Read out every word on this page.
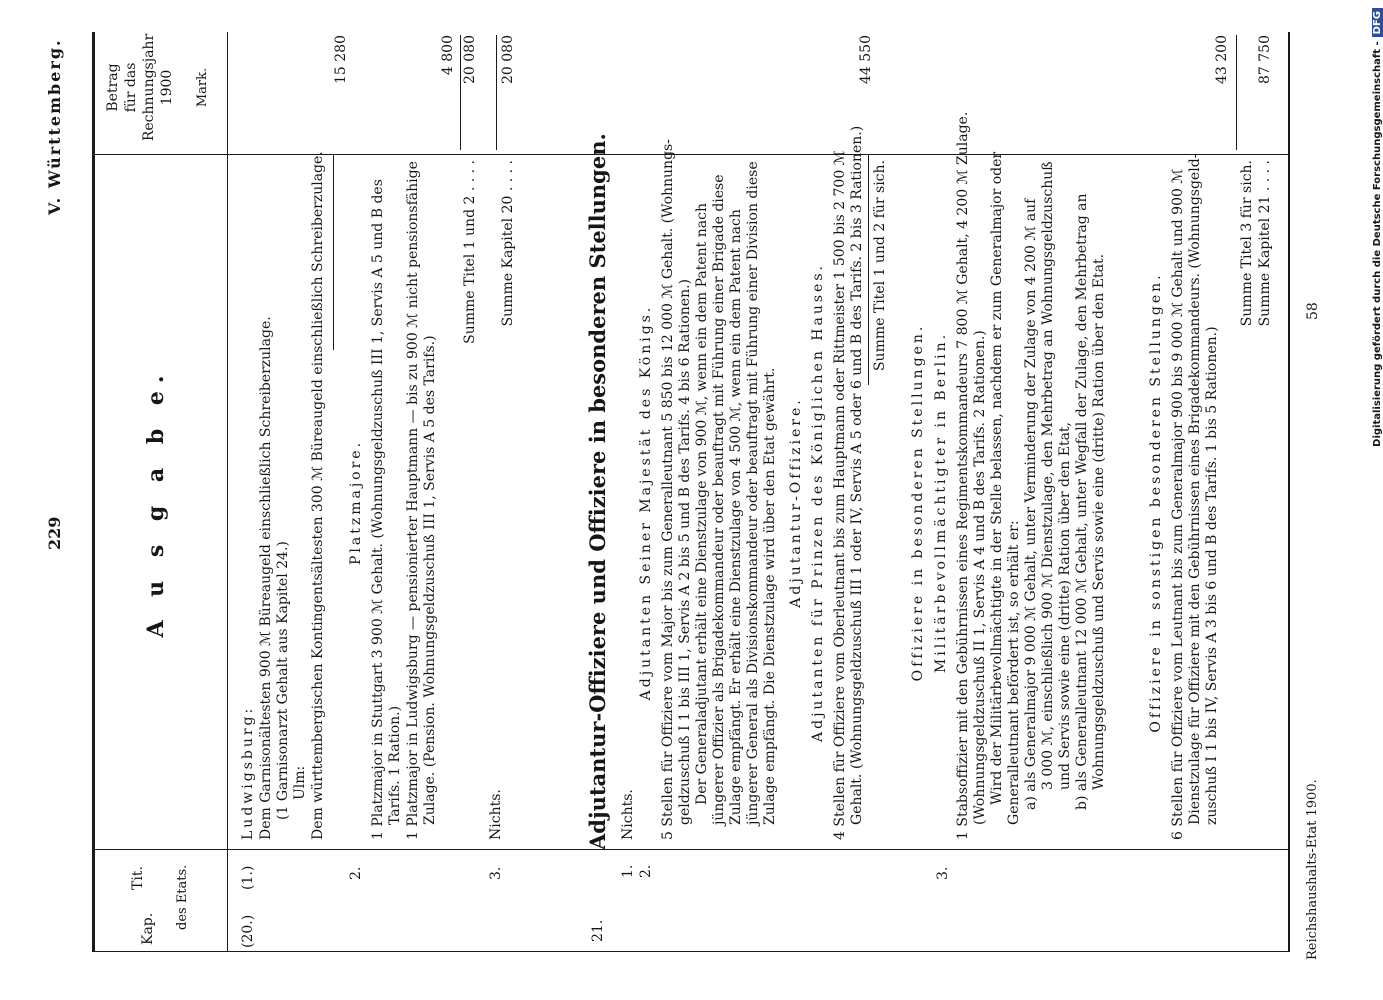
229
V. Württemberg.
Kap.
Tit. des Etats.
Betrag für das Rechnungsjahr 1900 Mark.
A u s g a b e.
(20.)
(1.)
Ludwigsburg: Dem Garnisonältesten 900 ℳ Büreaugeld einschließlich Schreiberzulage. (1 Garnisonarzt Gehalt aus Kapitel 24.) Ulm: Dem württembergischen Kontingentsältesten 300 ℳ Büreaugeld einschließlich Schreiberzulage.
15 280
2.
Platzmajore. 1 Platzmajor in Stuttgart 3 900 ℳ Gehalt. (Wohnungsgeldzuschuß III 1, Servis A 5 und B des Tarifs. 1 Ration.) 1 Platzmajor in Ludwigsburg — pensionierter Hauptmann — bis zu 900 ℳ nicht pensionsfähige Zulage. (Pension. Wohnungsgeldzuschuß III 1, Servis A 5 des Tarifs.)
4 800
Summe Titel 1 und 2 . . . .
20 080
3.
Nichts.
Summe Kapitel 20 . . . .
20 080
21.
Adjutantur-Offiziere und Offiziere in besonderen Stellungen.
1. 2.
Nichts.
Adjutanten Seiner Majestät des Königs. 5 Stellen für Offiziere vom Major bis zum Generalleutnant 5 850 bis 12 000 ℳ Gehalt. (Wohnungs- geldzuschuß I 1 bis III 1, Servis A 2 bis 5 und B des Tarifs. 4 bis 6 Rationen.) Der Generaladjutant erhält eine Dienstzulage von 900 ℳ, wenn ein dem Patent nach jüngerer Offizier als Brigadekommandeur oder beauftragt mit Führung einer Brigade diese Zulage empfängt. Er erhält eine Dienstzulage von 4 500 ℳ, wenn ein dem Patent nach jüngerer General als Divisionskommandeur oder beauftragt mit Führung einer Division diese Zulage empfängt. Die Dienstzulage wird über den Etat gewährt. Adjutantur-Offiziere. Adjutanten für Prinzen des Königlichen Hauses. 4 Stellen für Offiziere vom Oberleutnant bis zum Hauptmann oder Rittmeister 1 500 bis 2 700 ℳ Gehalt. (Wohnungsgeldzuschuß III 1 oder IV, Servis A 5 oder 6 und B des Tarifs. 2 bis 3 Rationen.)
44 550
Summe Titel 1 und 2 für sich.
3.
Offiziere in besonderen Stellungen. Militärbevollmächtigter in Berlin. 1 Stabsoffizier mit den Gebührnissen eines Regimentskommandeurs 7 800 ℳ Gehalt, 4 200 ℳ Zulage. (Wohnungsgeldzuschuß II 1, Servis A 4 und B des Tarifs. 2 Rationen.) Wird der Militärbevollmächtigte in der Stelle belassen, nachdem er zum Generalmajor oder Generalleutnant befördert ist, so erhält er: a) als Generalmajor 9 000 ℳ Gehalt, unter Verminderung der Zulage von 4 200 ℳ auf 3 000 ℳ, einschließlich 900 ℳ Dienstzulage, den Mehrbetrag an Wohnungsgeldzuschuß und Servis sowie eine (dritte) Ration über den Etat, b) als Generalleutnant 12 000 ℳ Gehalt, unter Wegfall der Zulage, den Mehrbetrag an Wohnungsgeldzuschuß und Servis sowie eine (dritte) Ration über den Etat.	Offiziere in sonstigen besonderen Stellungen. 6 Stellen für Offiziere vom Leutnant bis zum Generalmajor 900 bis 9 000 ℳ Gehalt und 900 ℳ Dienstzulage für Offiziere mit den Gebührnissen eines Brigadekommandeurs. (Wohnungsgeld- zuschuß I 1 bis IV, Servis A 3 bis 6 und B des Tarifs. 1 bis 5 Rationen.)
43 200
Summe Titel 3 für sich. Summe Kapitel 21 . . . .
87 750
Reichshaushalts-Etat 1900.
58	Digitalisierung gefördert durch die Deutsche Forschungsgemeinschaft -DFG
